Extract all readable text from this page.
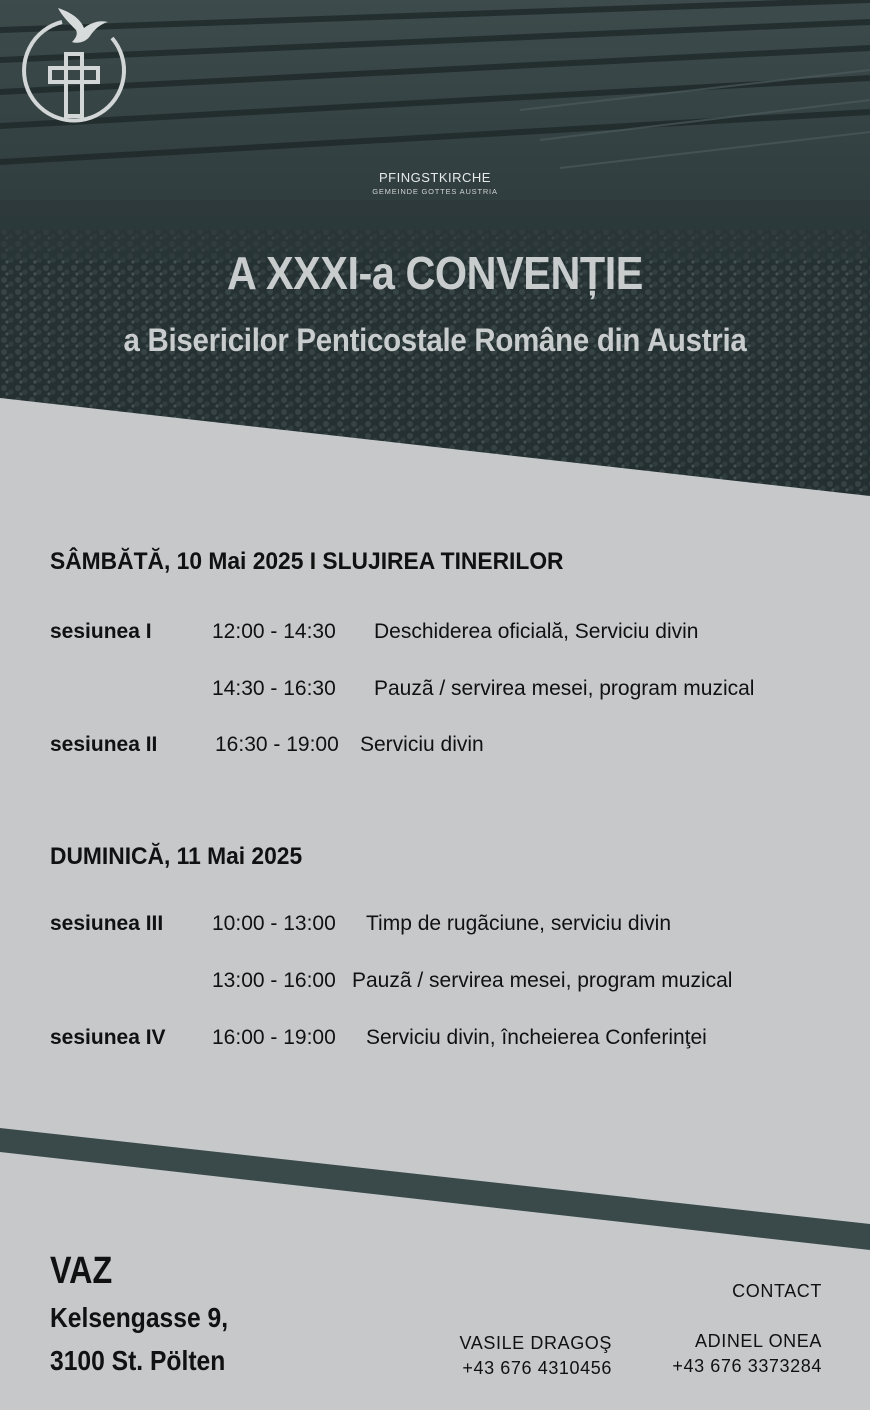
PFINGSTKIRCHE
GEMEINDE GOTTES AUSTRIA
A XXXI-a CONVENȚIE
a Bisericilor Penticostale Române din Austria
SÂMBĂTĂ, 10 Mai 2025 I SLUJIREA TINERILOR
sesiunea I	12:00 - 14:30 Deschiderea oficială, Serviciu divin
14:30 - 16:30 Pauzã / servirea mesei, program muzical
sesiunea II	16:30 - 19:00 Serviciu divin
DUMINICĂ, 11 Mai 2025
sesiunea III 10:00 - 13:00 Timp de rugãciune, serviciu divin
13:00 - 16:00 Pauzã / servirea mesei, program muzical
sesiunea IV 16:00 - 19:00 Serviciu divin, încheierea Conferinţei
VAZ
Kelsengasse 9,
3100 St. Pölten
CONTACT
VASILE DRAGOŞ
+43 676 4310456
ADINEL ONEA
+43 676 3373284
